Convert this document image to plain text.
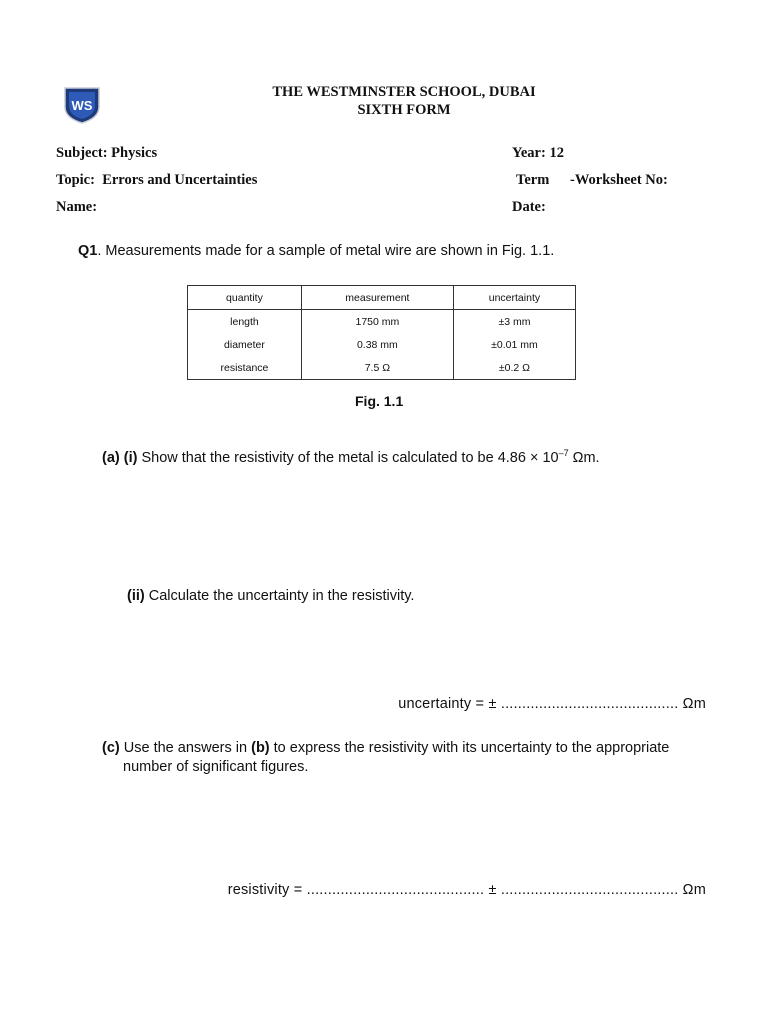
WS
THE WESTMINSTER SCHOOL, DUBAI
SIXTH FORM
Subject: Physics	Year: 12
Topic:  Errors and Uncertainties	Term -Worksheet No:
Name:	Date:
Q1. Measurements made for a sample of metal wire are shown in Fig. 1.1.
quantity	measurement	uncertainty
length	1750 mm	±3 mm
diameter	0.38 mm	±0.01 mm
resistance	7.5 Ω	±0.2 Ω
Fig. 1.1
(a) (i) Show that the resistivity of the metal is calculated to be $4.86 \times 10^{-7}$ Ωm.
(ii) Calculate the uncertainty in the resistivity.
uncertainty = ± .......................................... Ωm
(c) Use the answers in (b) to express the resistivity with its uncertainty to the appropriate
number of significant figures.
resistivity = .......................................... ± .......................................... Ωm
